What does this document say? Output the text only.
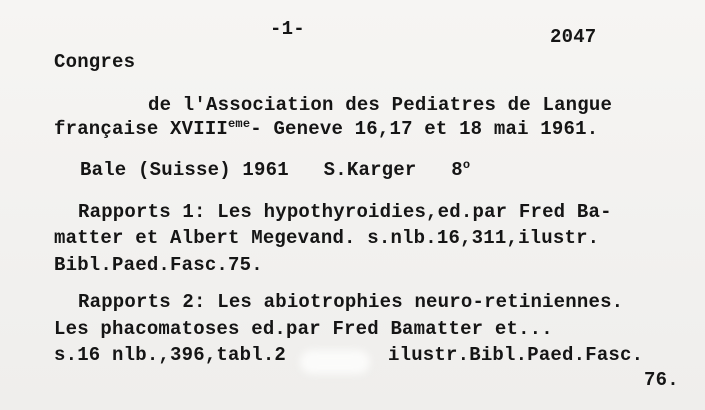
-1-	2047
Congres
de l'Association des Pediatres de Langue
française XVIIIeme- Geneve 16,17 et 18 mai 1961.
Bale (Suisse) 1961 S.Karger 8$^o$
Rapports 1: Les hypothyroidies,ed.par Fred Ba-
matter et Albert Megevand. s.nlb.16,311,ilustr.
Bibl.Paed.Fasc.75.
Rapports 2: Les abiotrophies neuro-retiniennes.
Les phacomatoses ed.par Fred Bamatter et...
s.16 nlb.,396,tabl.2	ilustr.Bibl.Paed.Fasc.
76.
